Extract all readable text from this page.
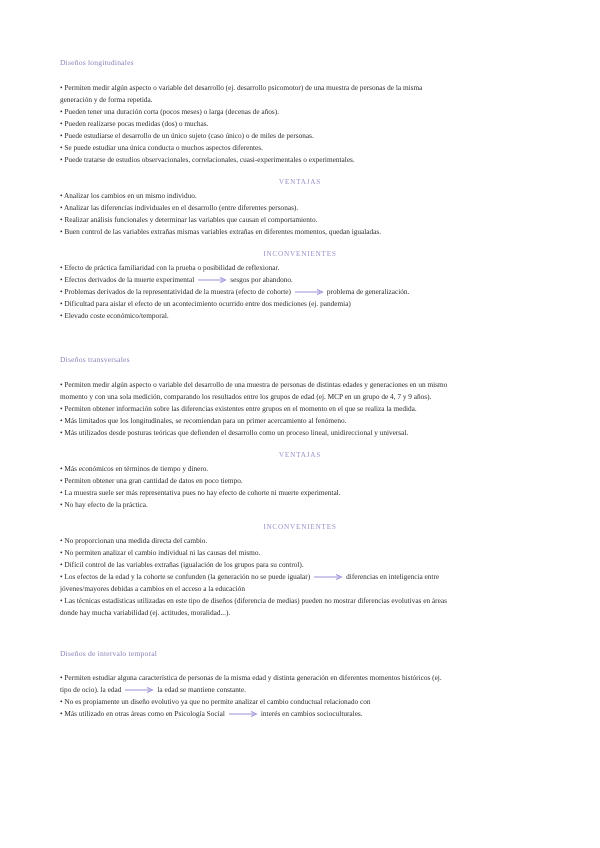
Diseños longitudinales
• Permiten medir algún aspecto o variable del desarrollo (ej. desarrollo psicomotor) de una muestra de personas de la misma
generación y de forma repetida.
• Pueden tener una duración corta (pocos meses) o larga (decenas de años).
• Pueden realizarse pocas medidas (dos) o muchas.
• Puede estudiarse el desarrollo de un único sujeto (caso único) o de miles de personas.
• Se puede estudiar una única conducta o muchos aspectos diferentes.
• Puede tratarse de estudios observacionales, correlacionales, cuasi-experimentales o experimentales.
VENTAJAS
• Analizar los cambios en un mismo individuo.
• Analizar las diferencias individuales en el desarrollo (entre diferentes personas).
• Realizar análisis funcionales y determinar las variables que causan el comportamiento.
• Buen control de las variables extrañas mismas variables extrañas en diferentes momentos, quedan igualadas.
INCONVENIENTES
• Efecto de práctica familiaridad con la prueba o posibilidad de reflexionar.
• Efectos derivados de la muerte experimental	sesgos por abandono.
• Problemas derivados de la representatividad de la muestra (efecto de cohorte)	problema de generalización.
• Dificultad para aislar el efecto de un acontecimiento ocurrido entre dos mediciones (ej. pandemia)
• Elevado coste económico/temporal.
Diseños transversales
• Permiten medir algún aspecto o variable del desarrollo de una muestra de personas de distintas edades y generaciones en un mismo
momento y con una sola medición, comparando los resultados entre los grupos de edad (ej. MCP en un grupo de 4, 7 y 9 años).
• Permiten obtener información sobre las diferencias existentes entre grupos en el momento en el que se realiza la medida.
• Más limitados que los longitudinales, se recomiendan para un primer acercamiento al fenómeno.
• Más utilizados desde posturas teóricas que defienden el desarrollo como un proceso lineal, unidireccional y universal.
VENTAJAS
• Más económicos en términos de tiempo y dinero.
• Permiten obtener una gran cantidad de datos en poco tiempo.
• La muestra suele ser más representativa pues no hay efecto de cohorte ni muerte experimental.
• No hay efecto de la práctica.
INCONVENIENTES
• No proporcionan una medida directa del cambio.
• No permiten analizar el cambio individual ni las causas del mismo.
• Difícil control de las variables extrañas (igualación de los grupos para su control).
• Los efectos de la edad y la cohorte se confunden (la generación no se puede igualar)	diferencias en inteligencia entre
jóvenes/mayores debidas a cambios en el acceso a la educación
• Las técnicas estadísticas utilizadas en este tipo de diseños (diferencia de medias) pueden no mostrar diferencias evolutivas en áreas
donde hay mucha variabilidad (ej. actitudes, moralidad...).
Diseños de intervalo temporal
• Permiten estudiar alguna característica de personas de la misma edad y distinta generación en diferentes momentos históricos (ej.
tipo de ocio). la edad	la edad se mantiene constante.
• No es propiamente un diseño evolutivo ya que no permite analizar el cambio conductual relacionado con
• Más utilizado en otras áreas como en Psicología Social	interés en cambios socioculturales.
